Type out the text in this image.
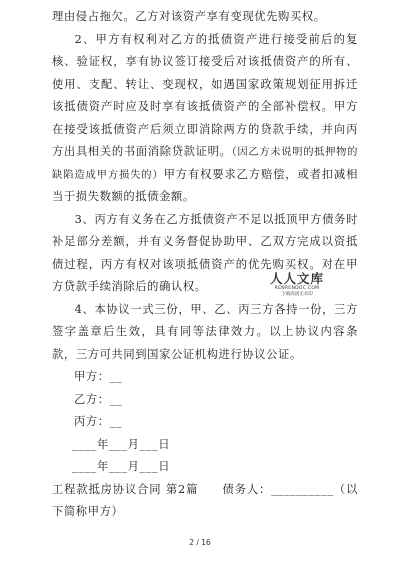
理由侵占拖欠。乙方对该资产享有变现优先购买权。

2、甲方有权利对乙方的抵债资产进行接受前后的复核、验证权，享有协议签订接受后对该抵债资产的所有、使用、支配、转让、变现权，如遇国家政策规划征用拆迁该抵债资产时应及时享有该抵债资产的全部补偿权。甲方在接受该抵债资产后须立即消除两方的贷款手续，并向丙方出具相关的书面消除贷款证明。（因乙方未说明的抵押物的缺陷造成甲方损失的）甲方有权要求乙方赔偿，或者扣减相当于损失数额的抵债金额。

3、丙方有义务在乙方抵债资产不足以抵顶甲方债务时补足部分差额，并有义务督促协助甲、乙双方完成以资抵债过程，丙方有权对该项抵债资产的优先购买权。对在甲方贷款手续消除后的确认权。

4、本协议一式三份，甲、乙、丙三方各持一份，三方签字盖章后生效，具有同等法律效力。以上协议内容条款，三方可共同到国家公证机构进行协议公证。

甲方：__

乙方：__

丙方：__

____年___月___日

____年___月___日

工程款抵房协议合同 第2篇　　债务人：__________（以下简称甲方）

人人文库
RENRENDOC.COM
下载高清无水印
2 / 16
